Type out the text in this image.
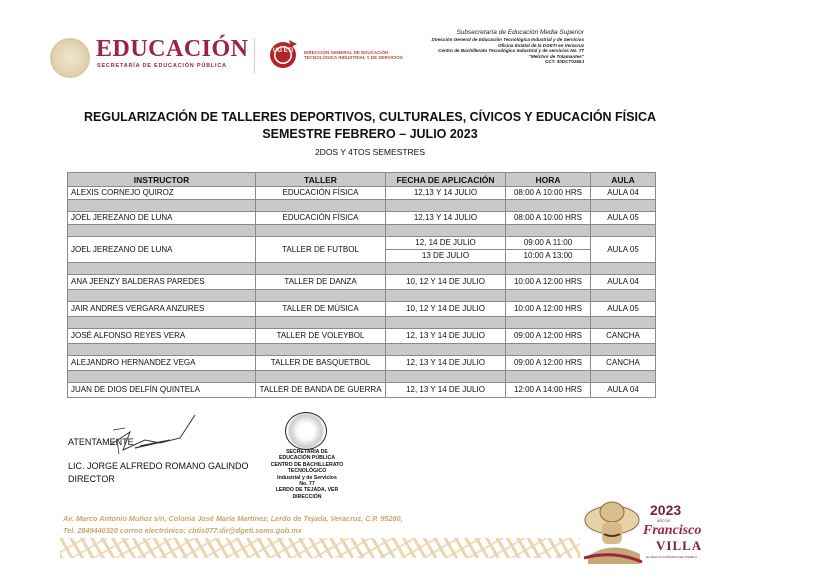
EDUCACIÓN
SECRETARÍA DE EDUCACIÓN PÚBLICA
UG ETI	DIRECCIÓN GENERAL DE EDUCACIÓN
TECNOLÓGICA INDUSTRIAL Y DE SERVICIOS
Subsecretaría de Educación Media Superior
Dirección General de Educación Tecnológica Industrial y de Servicios
Oficina Estatal de la DGETI en Veracruz
Centro de Bachillerato Tecnológico Industrial y de servicios No. 77
"Melchor de Tolamantes"
CCT. 30DCT0265J
REGULARIZACIÓN DE TALLERES DEPORTIVOS, CULTURALES, CÍVICOS Y EDUCACIÓN FÍSICA
SEMESTRE FEBRERO – JULIO 2023
2DOS Y 4TOS SEMESTRES
INSTRUCTOR	TALLER	FECHA DE APLICACIÓN	HORA	AULA
ALEXIS CORNEJO QUIROZ	EDUCACIÓN FÍSICA	12,13 Y 14 JULIO	08:00 A 10:00 HRS	AULA 04

JOEL JEREZANO DE LUNA	EDUCACIÓN FÍSICA	12,13 Y 14 JULIO	08:00 A 10:00 HRS	AULA 05

JOEL JEREZANO DE LUNA	TALLER DE FUTBOL	12, 14 DE JULIO	09:00 A 11:00	AULA 05
		13 DE JULIO	10:00 A 13:00	

ANA JEENZY BALDERAS PAREDES	TALLER DE DANZA	10, 12 Y 14 DE JULIO	10:00 A 12:00 HRS	AULA 04

JAIR ANDRES VERGARA ANZURES	TALLER DE MÚSICA	10, 12 Y 14 DE JULIO	10:00 A 12:00 HRS	AULA 05

JOSÉ ALFONSO REYES VERA	TALLER DE VOLEYBOL	12, 13 Y 14 DE JULIO	09:00 A 12:00 HRS	CANCHA

ALEJANDRO HERNANDEZ VEGA	TALLER DE BASQUETBOL	12, 13 Y 14 DE JULIO	09:00 A 12:00 HRS	CANCHA

JUAN DE DIOS DELFÍN QUINTELA	TALLER DE BANDA DE GUERRA	12, 13 Y 14 DE JULIO	12:00 A 14:00 HRS	AULA 04
ATENTAMENTE
LIC. JORGE ALFREDO ROMANO GALINDO
DIRECTOR
SECRETARIA DE
EDUCACIÓN PÚBLICA
CENTRO DE BACHILLERATO
TECNOLÓGICO
Industrial y de Servicios
No. 77
LERDO DE TEJADA, VER
DIRECCIÓN
Av. Marco Antonio Muñoz s/n, Colonia José María Martínez, Lerdo de Tejada, Veracruz, C.P. 95280,
Tel. 2849440320 correo electrónico: cbtis077.dir@dgeti.sems.gob.mx
2023
AÑO DE
Francisco
VILLA
EL REVOLUCIONARIO DEL PUEBLO
